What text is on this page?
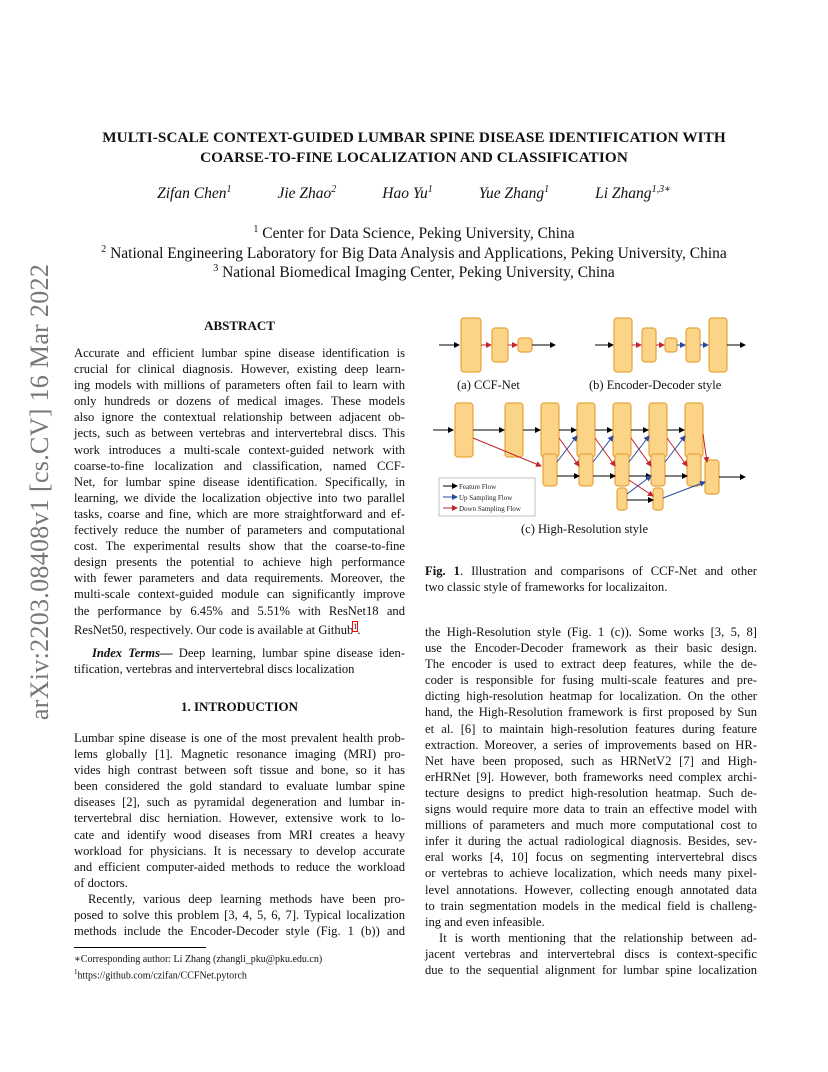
arXiv:2203.08408v1 [cs.CV] 16 Mar 2022
MULTI-SCALE CONTEXT-GUIDED LUMBAR SPINE DISEASE IDENTIFICATION WITH
COARSE-TO-FINE LOCALIZATION AND CLASSIFICATION
Zifan Chen$^1$	Jie Zhao$^2$	Hao Yu$^1$	Yue Zhang$^1$	Li Zhang$^{1,3∗}$
$^1$ Center for Data Science, Peking University, China
$^2$ National Engineering Laboratory for Big Data Analysis and Applications, Peking University, China
$^3$ National Biomedical Imaging Center, Peking University, China
ABSTRACT
Accurate and efficient lumbar spine disease identification is
crucial for clinical diagnosis. However, existing deep learn-
ing models with millions of parameters often fail to learn with
only hundreds or dozens of medical images. These models
also ignore the contextual relationship between adjacent ob-
jects, such as between vertebras and intervertebral discs. This
work introduces a multi-scale context-guided network with
coarse-to-fine localization and classification, named CCF-
Net, for lumbar spine disease identification. Specifically, in
learning, we divide the localization objective into two parallel
tasks, coarse and fine, which are more straightforward and ef-
fectively reduce the number of parameters and computational
cost. The experimental results show that the coarse-to-fine
design presents the potential to achieve high performance
with fewer parameters and data requirements. Moreover, the
multi-scale context-guided module can significantly improve
the performance by 6.45% and 5.51% with ResNet18 and
ResNet50, respectively. Our code is available at Github$^1$.
Index Terms— Deep learning, lumbar spine disease iden-
tification, vertebras and intervertebral discs localization
1. INTRODUCTION
Lumbar spine disease is one of the most prevalent health prob-
lems globally [1]. Magnetic resonance imaging (MRI) pro-
vides high contrast between soft tissue and bone, so it has
been considered the gold standard to evaluate lumbar spine
diseases [2], such as pyramidal degeneration and lumbar in-
tervertebral disc herniation. However, extensive work to lo-
cate and identify wood diseases from MRI creates a heavy
workload for physicians. It is necessary to develop accurate
and efficient computer-aided methods to reduce the workload
of doctors.
Recently, various deep learning methods have been pro-
posed to solve this problem [3, 4, 5, 6, 7]. Typical localization
methods include the Encoder-Decoder style (Fig. 1 (b)) and
∗Corresponding author: Li Zhang (zhangli_pku@pku.edu.cn)
$^1$https://github.com/czifan/CCFNet.pytorch
Feature Flow
Up Sampling Flow
Down Sampling Flow
(a) CCF-Net	(b) Encoder-Decoder style
(c) High-Resolution style
Fig. 1. Illustration and comparisons of CCF-Net and other
two classic style of frameworks for localizaiton.
the High-Resolution style (Fig. 1 (c)). Some works [3, 5, 8]
use the Encoder-Decoder framework as their basic design.
The encoder is used to extract deep features, while the de-
coder is responsible for fusing multi-scale features and pre-
dicting high-resolution heatmap for localization. On the other
hand, the High-Resolution framework is first proposed by Sun
et al. [6] to maintain high-resolution features during feature
extraction. Moreover, a series of improvements based on HR-
Net have been proposed, such as HRNetV2 [7] and High-
erHRNet [9]. However, both frameworks need complex archi-
tecture designs to predict high-resolution heatmap. Such de-
signs would require more data to train an effective model with
millions of parameters and much more computational cost to
infer it during the actual radiological diagnosis. Besides, sev-
eral works [4, 10] focus on segmenting intervertebral discs
or vertebras to achieve localization, which needs many pixel-
level annotations. However, collecting enough annotated data
to train segmentation models in the medical field is challeng-
ing and even infeasible.
It is worth mentioning that the relationship between ad-
jacent vertebras and intervertebral discs is context-specific
due to the sequential alignment for lumbar spine localization
